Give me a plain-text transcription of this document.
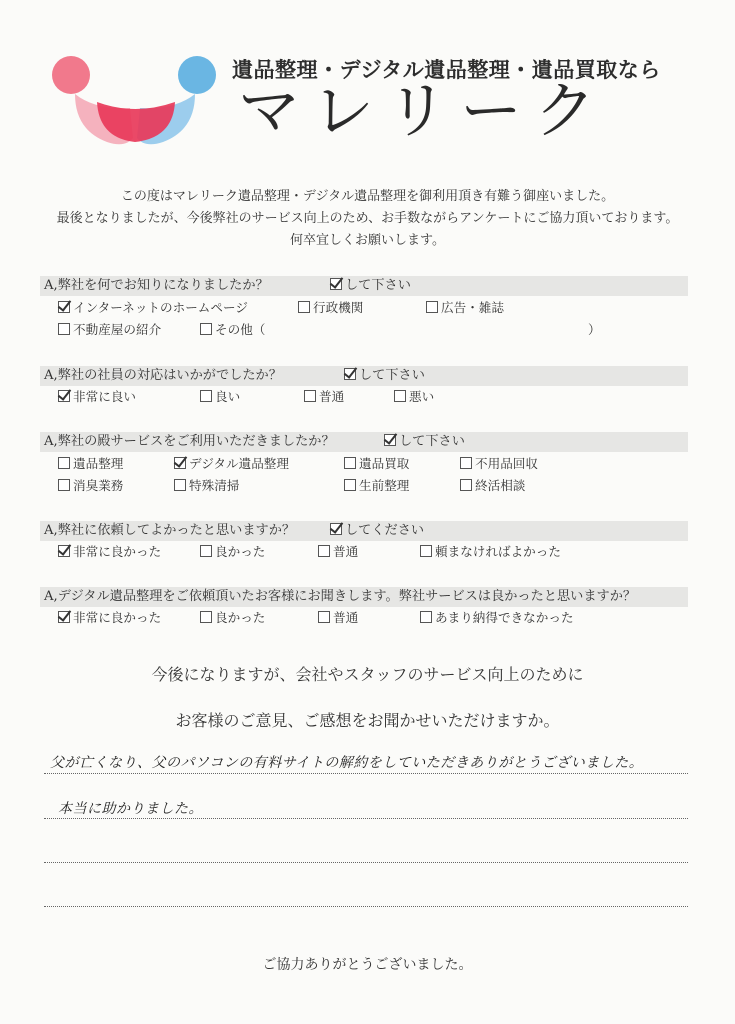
遺品整理・デジタル遺品整理・遺品買取なら
マレリーク
この度はマレリーク遺品整理・デジタル遺品整理を御利用頂き有難う御座いました。
最後となりましたが、今後弊社のサービス向上のため、お手数ながらアンケートにご協力頂いております。
何卒宜しくお願いします。
A,弊社を何でお知りになりましたか？	して下さい
インターネットのホームページ	行政機関	広告・雑誌
不動産屋の紹介	その他（	）
A,弊社の社員の対応はいかがでしたか？	して下さい
非常に良い	良い	普通	悪い
A,弊社の殿サービスをご利用いただきましたか？	して下さい
遺品整理	デジタル遺品整理	遺品買取	不用品回収
消臭業務	特殊清掃	生前整理	終活相談
A,弊社に依頼してよかったと思いますか？	してください
非常に良かった	良かった	普通	頼まなければよかった
A,デジタル遺品整理をご依頼頂いたお客様にお聞きします。弊社サービスは良かったと思いますか？
非常に良かった	良かった	普通	あまり納得できなかった
今後になりますが、会社やスタッフのサービス向上のために
お客様のご意見、ご感想をお聞かせいただけますか。
父が亡くなり、父のパソコンの有料サイトの解約をしていただきありがとうございました。
本当に助かりました。
ご協力ありがとうございました。
